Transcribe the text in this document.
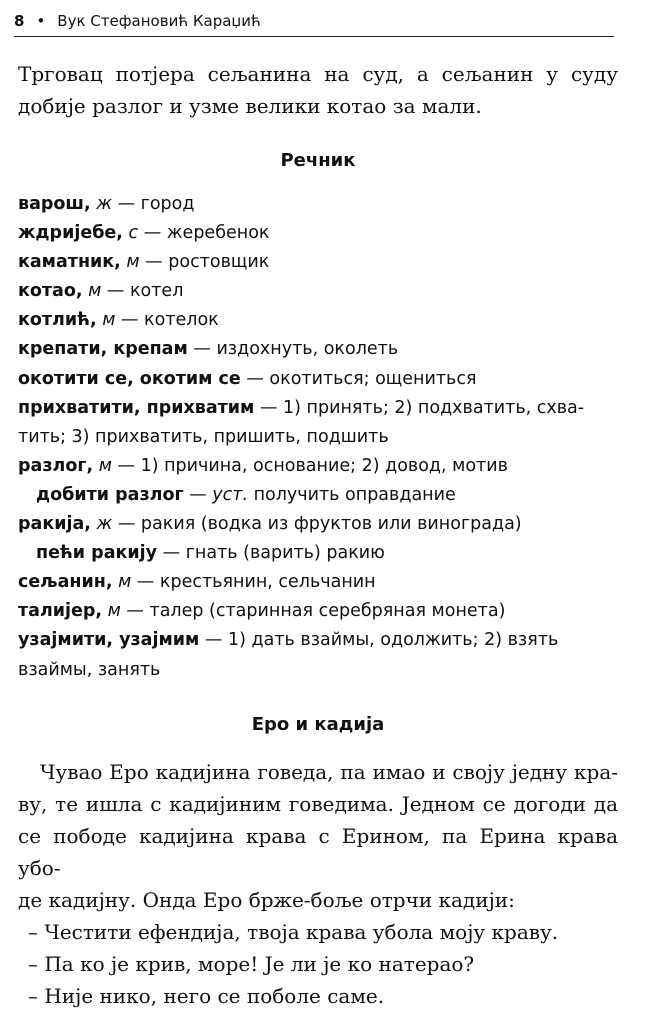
8 • Вук Стефановић Караџић
Трговац потјера сељанина на суд, а сељанин у суду
добије разлог и узме велики котао за мали.
Речник
варош, ж — город
ждријебе, с — жеребенок
каматник, м — ростовщик
котао, м — котел
котлић, м — котелок
крепати, крепам — издохнуть, околеть
окотити се, окотим се — окотиться; ощениться
прихватити, прихватим — 1) принять; 2) подхватить, схва-
тить; 3) прихватить, пришить, подшить
разлог, м — 1) причина, основание; 2) довод, мотив
добити разлог — уст. получить оправдание
ракија, ж — ракия (водка из фруктов или винограда)
пећи ракију — гнать (варить) ракию
сељанин, м — крестьянин, сельчанин
талијер, м — талер (старинная серебряная монета)
узајмити, узајмим — 1) дать взаймы, одолжить; 2) взять
взаймы, занять
Еро и кадија
Чувао Еро кадијина говеда, па имао и своју једну кра-
ву, те ишла с кадијиним говедима. Једном се догоди да
се пободе кадијина крава с Ерином, па Ерина крава убо-
де кадијну. Онда Еро брже-боље отрчи кадији:
– Честити ефендија, твоја крава убола моју краву.
– Па ко је крив, море! Је ли је ко натерао?
– Није нико, него се поболе саме.
